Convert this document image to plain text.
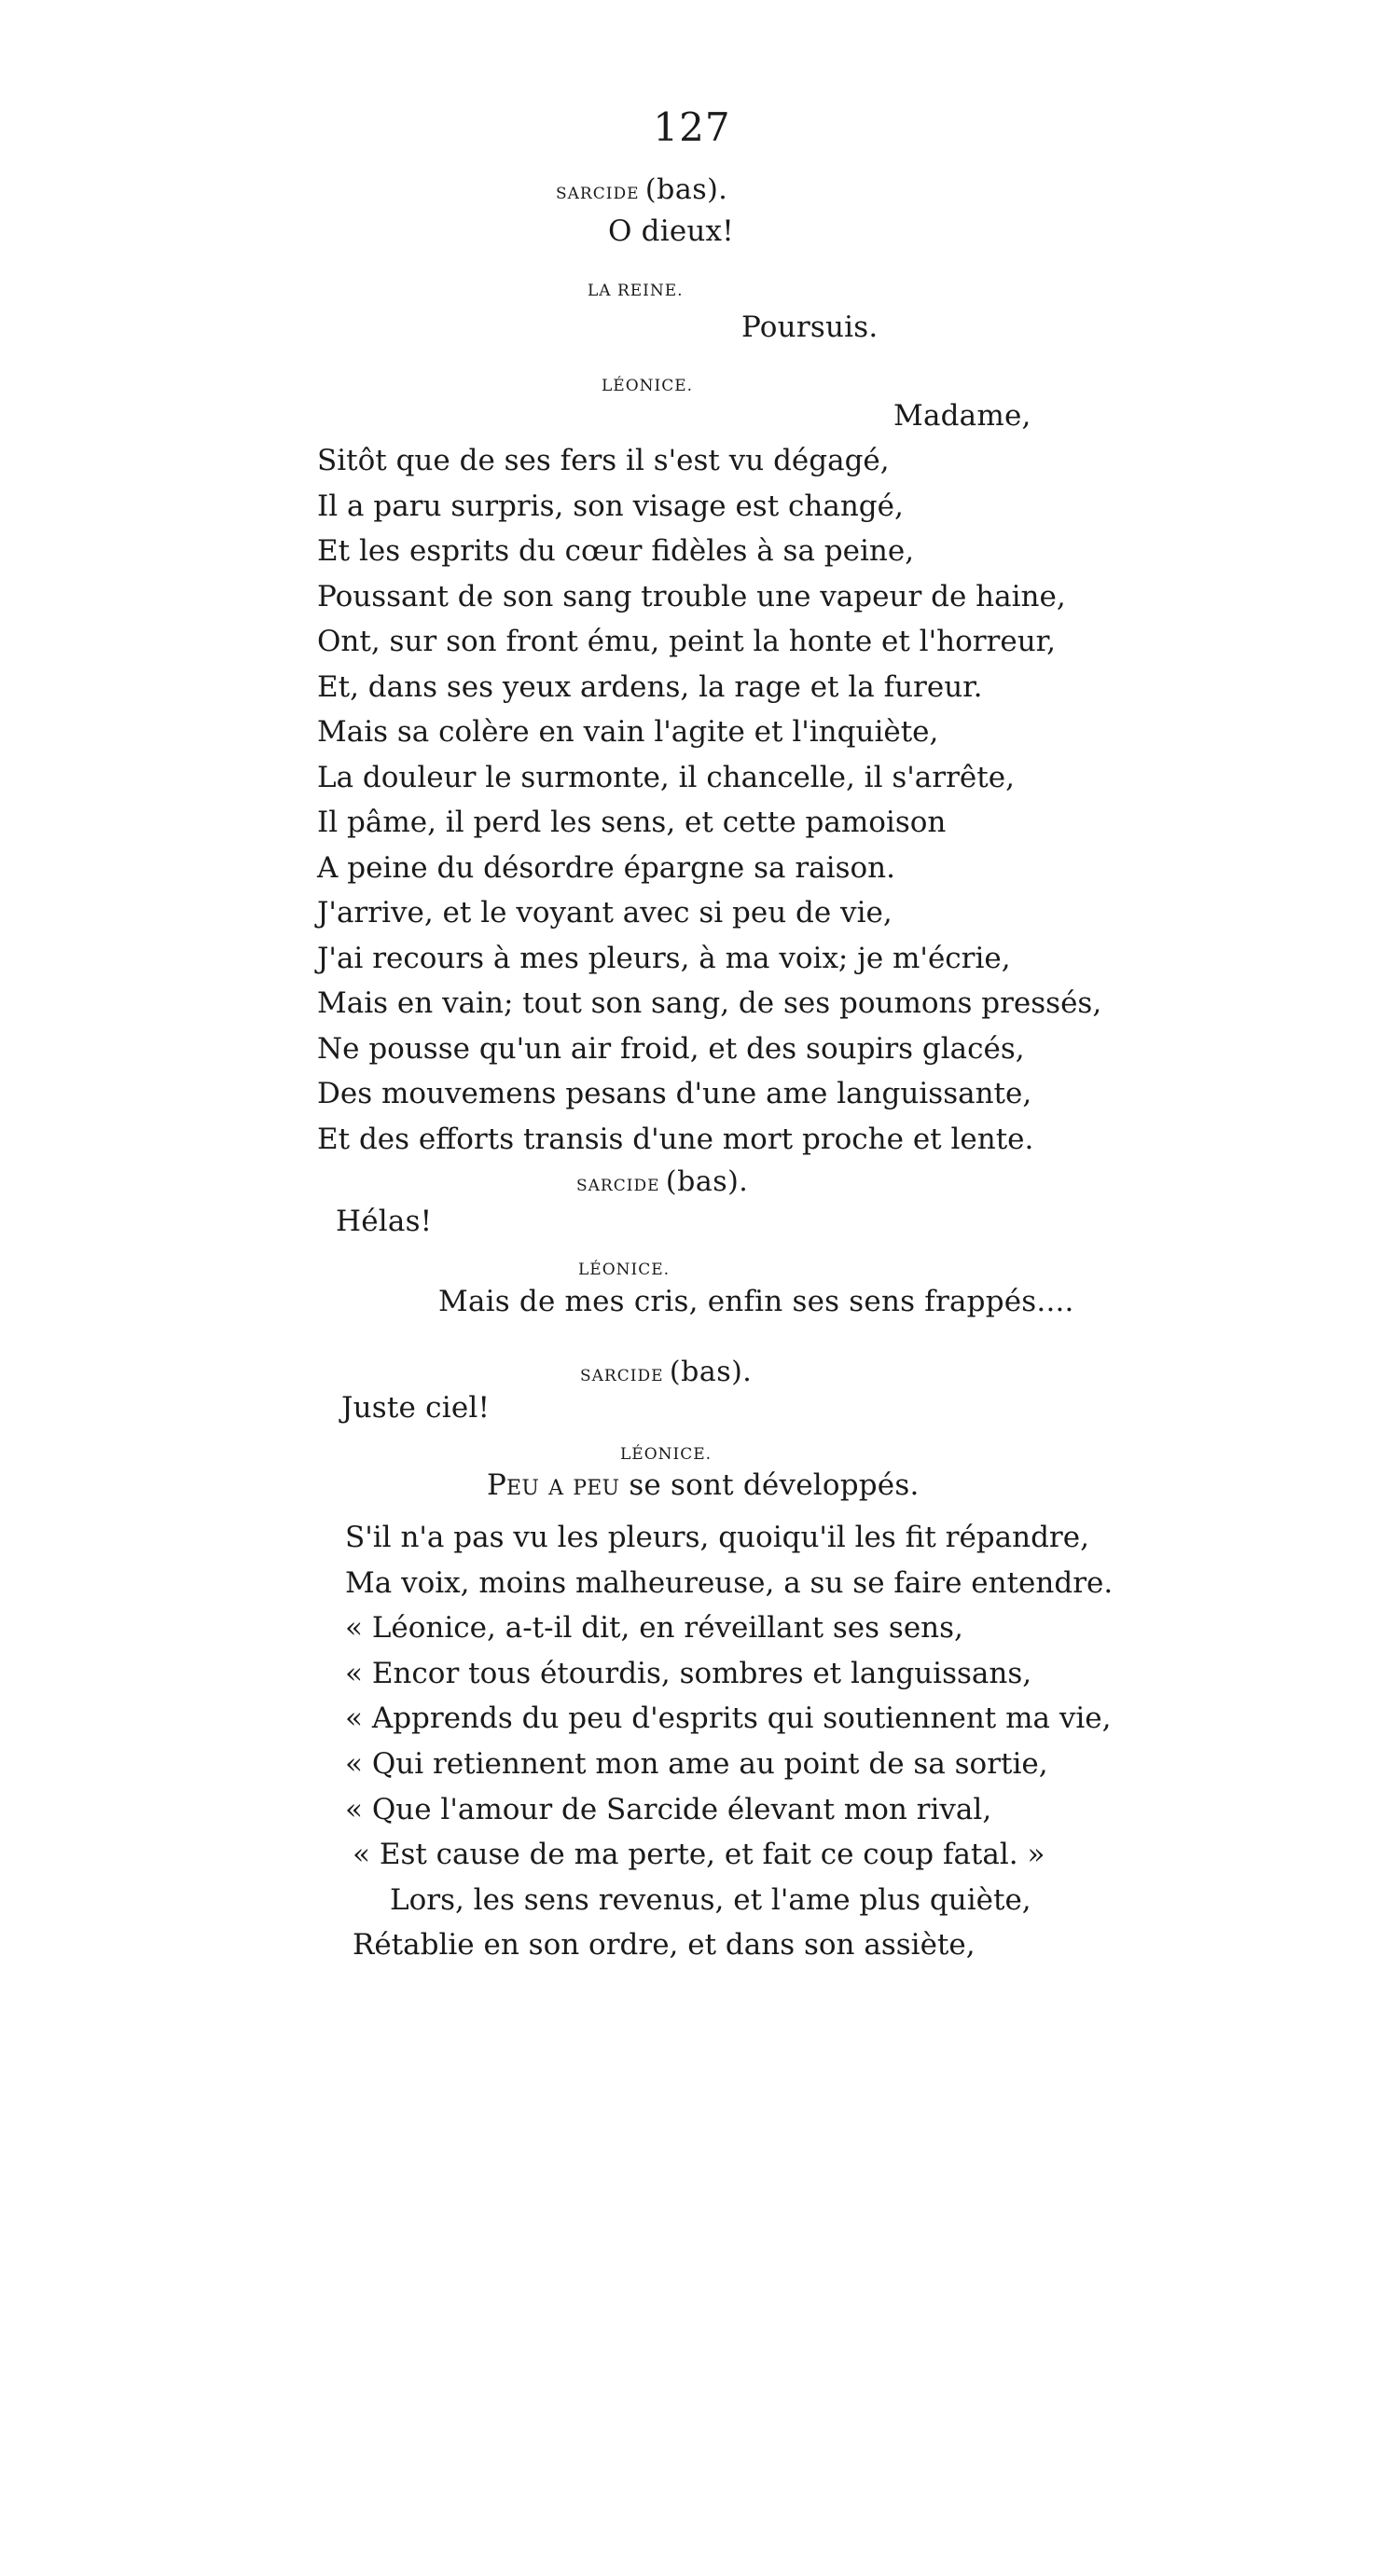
127
SARCIDE (bas).
O dieux!
LA REINE.
Poursuis.
LÉONICE.
Madame,
Sitôt que de ses fers il s'est vu dégagé,
Il a paru surpris, son visage est changé,
Et les esprits du cœur fidèles à sa peine,
Poussant de son sang trouble une vapeur de haine,
Ont, sur son front ému, peint la honte et l'horreur,
Et, dans ses yeux ardens, la rage et la fureur.
Mais sa colère en vain l'agite et l'inquiète,
La douleur le surmonte, il chancelle, il s'arrête,
Il pâme, il perd les sens, et cette pamoison
A peine du désordre épargne sa raison.
J'arrive, et le voyant avec si peu de vie,
J'ai recours à mes pleurs, à ma voix; je m'écrie,
Mais en vain; tout son sang, de ses poumons pressés,
Ne pousse qu'un air froid, et des soupirs glacés,
Des mouvemens pesans d'une ame languissante,
Et des efforts transis d'une mort proche et lente.
SARCIDE (bas).
Hélas!
LÉONICE.
Mais de mes cris, enfin ses sens frappés....
SARCIDE (bas).
Juste ciel!
LÉONICE.
Peu a peu se sont développés.
S'il n'a pas vu les pleurs, quoiqu'il les fit répandre,
Ma voix, moins malheureuse, a su se faire entendre.
« Léonice, a-t-il dit, en réveillant ses sens,
« Encor tous étourdis, sombres et languissans,
« Apprends du peu d'esprits qui soutiennent ma vie,
« Qui retiennent mon ame au point de sa sortie,
« Que l'amour de Sarcide élevant mon rival,
« Est cause de ma perte, et fait ce coup fatal. »
Lors, les sens revenus, et l'ame plus quiète,
Rétablie en son ordre, et dans son assiète,
